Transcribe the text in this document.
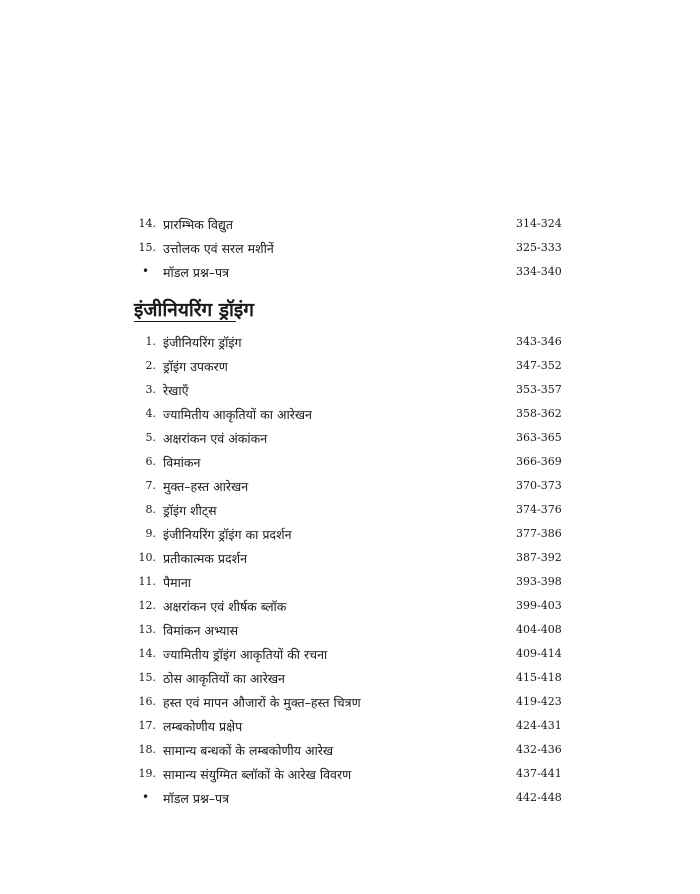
14. प्रारम्भिक विद्युत	314-324
15. उत्तोलक एवं सरल मशीनें	325-333
• मॉडल प्रश्न–पत्र	334-340
इंजीनियरिंग ड्रॉइंग
1. इंजीनियरिंग ड्रॉइंग	343-346
2. ड्रॉइंग उपकरण	347-352
3. रेखाएँ	353-357
4. ज्यामितीय आकृतियों का आरेखन	358-362
5. अक्षरांकन एवं अंकांकन	363-365
6. विमांकन	366-369
7. मुक्त–हस्त आरेखन	370-373
8. ड्रॉइंग शीट्स	374-376
9. इंजीनियरिंग ड्रॉइंग का प्रदर्शन	377-386
10. प्रतीकात्मक प्रदर्शन	387-392
11. पैमाना	393-398
12. अक्षरांकन एवं शीर्षक ब्लॉक	399-403
13. विमांकन अभ्यास	404-408
14. ज्यामितीय ड्रॉइंग आकृतियों की रचना	409-414
15. ठोस आकृतियों का आरेखन	415-418
16. हस्त एवं मापन औजारों के मुक्त–हस्त चित्रण	419-423
17. लम्बकोणीय प्रक्षेप	424-431
18. सामान्य बन्धकों के लम्बकोणीय आरेख	432-436
19. सामान्य संयुग्मित ब्लॉकों के आरेख विवरण	437-441
• मॉडल प्रश्न–पत्र	442-448
